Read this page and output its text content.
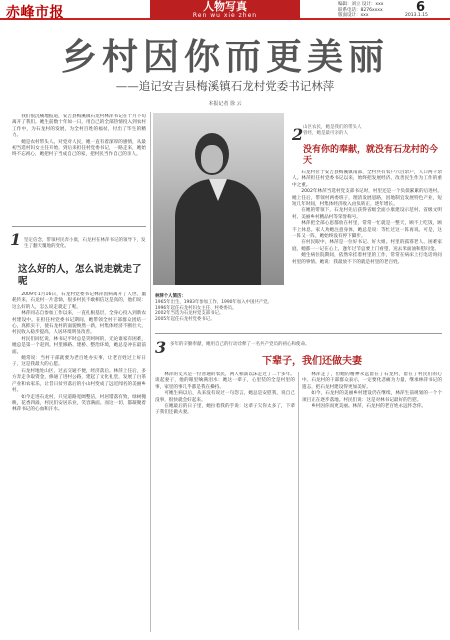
赤峰市报	人物写真
Ren wu xie zhen
编辑：刘立 设计：xxx
联系电话：8276xxxx
版面设计：xxx
6
2013.1.15
乡村因你而更美丽
——追记安吉县梅溪镇石龙村党委书记林萍
本报记者 徐 云

我们很沉痛地报道，安吉县梅溪镇石龙村林萍书记在十月下旬离开了我们。她生前数十年如一日，用自己的全部热情投入到农村工作中，为石龙村的发展，为全村百姓的福祉，付出了毕生的精力。

她是农村带头人。对党对人民，她一直有着深厚的感情，从最初当选村妇女主任开始，到后来担任村党委书记，一路走来，她始终不忘初心，她把村子当成自己的家，把村民当作自己的亲人。

1 坚定信念，带领村民奔小康，石龙村在林萍书记的领导下，发生了翻天覆地的变化。
这么好的人，怎么说走就走了呢

2009年1月16日，石龙村党委书记林萍因病离开了人世。噩耗传来，石龙村一片悲恸，很多村民不敢相信这是真的，他们说：这么好的人，怎么说走就走了呢。

林萍同志自参加工作以来，一直扎根基层，全身心投入到新农村建设中。在担任村党委书记期间，她带领全村干部群众团结一心，真抓实干，使石龙村的面貌焕然一新，村集体经济不断壮大，村民收入稳步提高，人居环境明显改善。

村民们回忆说，林书记平时总是笑呵呵的，无论谁家有困难，她总是第一个赶到。村里修路、建桥、整治环境，她总是冲在最前面。

她常说：当村干部就要为老百姓办实事，让老百姓过上好日子，这是我最大的心愿。

石龙村地处山区，过去交通不便，经济落后。林萍上任后，多方奔走争取资金，修通了进村公路，建起了文化礼堂，发展了白茶产业和农家乐，让昔日贫穷落后的小山村变成了远近闻名的美丽乡村。

如今走进石龙村，只见道路宽阔整洁，村居错落有致，绿树掩映，花香四溢，村民们安居乐业，笑容满面。而这一切，都凝聚着林萍书记的心血和汗水。

林萍个人简历：
1965年出生，1983年参加工作，1990年加入中国共产党。
1996年起任石龙村妇女主任、村委委员。
2002年当选为石龙村党支部书记。
2005年起任石龙村党委书记。
2 山区农民，她是我们的带头人
曾经，她是最可亲的人
没有你的奉献，就没有石龙村的今天

石龙村位于安吉县梅溪镇南部，全村共有农户六百余户，人口两千余人。林萍担任村党委书记以来，始终把发展经济、改善民生作为工作的重中之重。

2002年林萍当选村党支部书记时，村里还是一个负债累累的后进村。她上任后，带领村两委班子，理清发展思路，因地制宜发展特色产业，短短几年时间，村集体经济收入由负转正，逐年增长。

在她的带领下，石龙村先后获得省级全面小康建设示范村、省级文明村、美丽乡村精品村等荣誉称号。

林萍把全部心思都放在村里，常常一忙就是一整天，顾不上吃饭，顾不上休息。家人劝她注意身体，她总是说：等忙过这一阵再说。可是，这一阵又一阵，她始终没有停下脚步。

在村民眼中，林萍是一位好书记、好大姐。村里的孤寡老人、困难家庭，她都一一记在心上，逢年过节总要上门看望，送去米面油和慰问金。

她生病住院期间，依然牵挂着村里的工作，常常在病床上打电话询问村里的事情。她说：我最放不下的就是村里的老百姓。

3 多年的辛勤奉献，她用自己的行动诠释了一名共产党员的初心和使命。
下辈子，我们还做夫妻

林萍的丈夫是一位普通的农民，两人相濡以沫走过了二十多年。谈起妻子，他的眼里噙满泪水：她这一辈子，心里装的全是村里的事，家里的事几乎都是我在操持。

可她生病以后，从来没有说过一句怨言。她总是安慰我，说自己没事，很快就会好起来。

在她最后的日子里，她拉着我的手说：这辈子欠你太多了，下辈子我们还做夫妻。

林萍走了，但她的精神永远留在了石龙村，留在了村民们的心中。石龙村的干部群众表示，一定要化悲痛为力量，继承林萍书记的遗志，把石龙村建设得更加美好。

如今，石龙村的美丽乡村建设仍在继续，林萍生前规划的一个个项目正在逐步落地。村民们说：这是对林书记最好的告慰。

乡村因你而更美丽。林萍，石龙村的老百姓永远怀念你。
